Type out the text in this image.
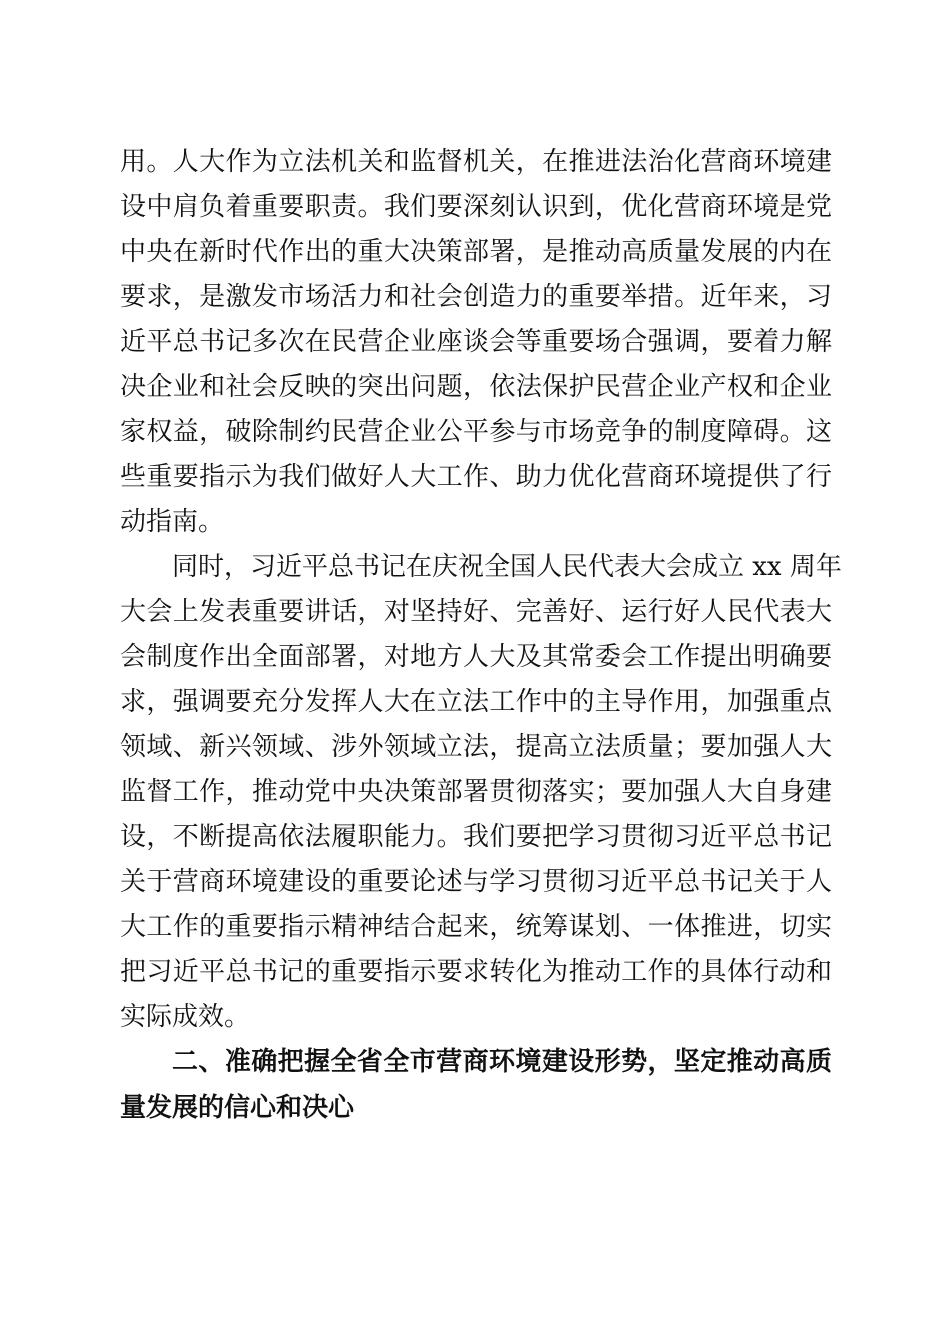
用。人大作为立法机关和监督机关，在推进法治化营商环境建
设中肩负着重要职责。我们要深刻认识到，优化营商环境是党
中央在新时代作出的重大决策部署，是推动高质量发展的内在
要求，是激发市场活力和社会创造力的重要举措。近年来，习
近平总书记多次在民营企业座谈会等重要场合强调，要着力解
决企业和社会反映的突出问题，依法保护民营企业产权和企业
家权益，破除制约民营企业公平参与市场竞争的制度障碍。这
些重要指示为我们做好人大工作、助力优化营商环境提供了行
动指南。
同时，习近平总书记在庆祝全国人民代表大会成立 xx 周年
大会上发表重要讲话，对坚持好、完善好、运行好人民代表大
会制度作出全面部署，对地方人大及其常委会工作提出明确要
求，强调要充分发挥人大在立法工作中的主导作用，加强重点
领域、新兴领域、涉外领域立法，提高立法质量；要加强人大
监督工作，推动党中央决策部署贯彻落实；要加强人大自身建
设，不断提高依法履职能力。我们要把学习贯彻习近平总书记
关于营商环境建设的重要论述与学习贯彻习近平总书记关于人
大工作的重要指示精神结合起来，统筹谋划、一体推进，切实
把习近平总书记的重要指示要求转化为推动工作的具体行动和
实际成效。
二、准确把握全省全市营商环境建设形势，坚定推动高质
量发展的信心和决心
